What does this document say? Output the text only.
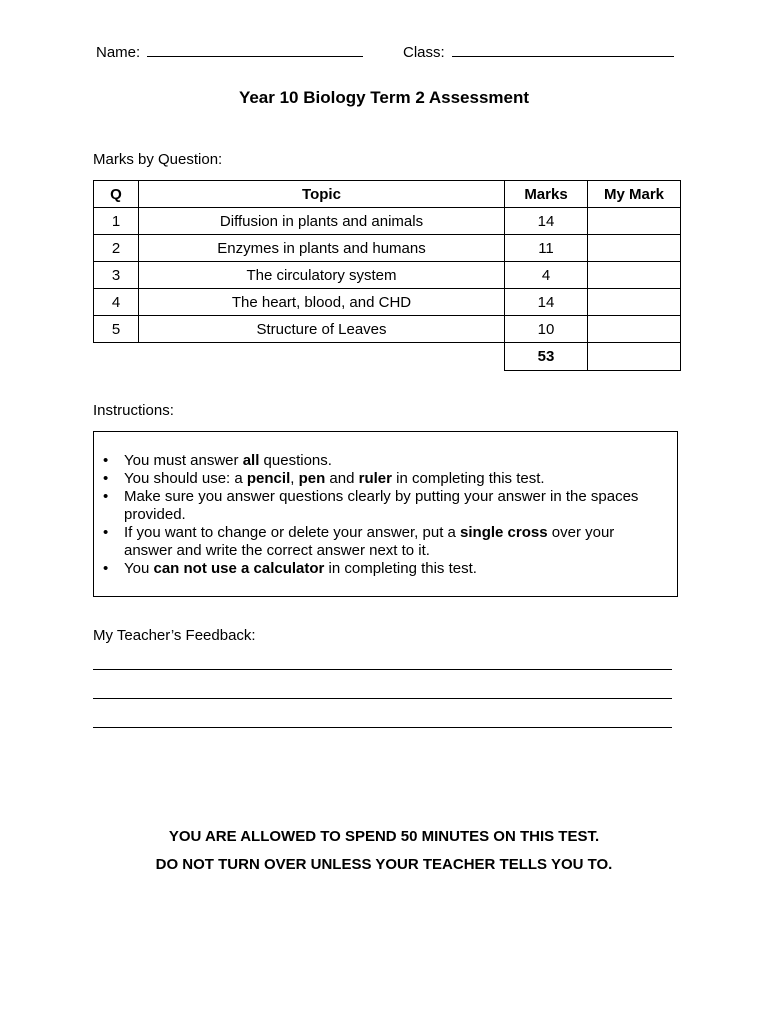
Name:	Class:
Year 10 Biology Term 2 Assessment
Marks by Question:
Q	Topic	Marks	My Mark
1	Diffusion in plants and animals	14	
2	Enzymes in plants and humans	11	
3	The circulatory system	4	
4	The heart, blood, and CHD	14	
5	Structure of Leaves	10	
		53	
Instructions:
• You must answer all questions.
• You should use: a pencil, pen and ruler in completing this test.
• Make sure you answer questions clearly by putting your answer in the spaces provided.
• If you want to change or delete your answer, put a single cross over your answer and write the correct answer next to it.
• You can not use a calculator in completing this test.
My Teacher’s Feedback:
YOU ARE ALLOWED TO SPEND 50 MINUTES ON THIS TEST.
DO NOT TURN OVER UNLESS YOUR TEACHER TELLS YOU TO.
